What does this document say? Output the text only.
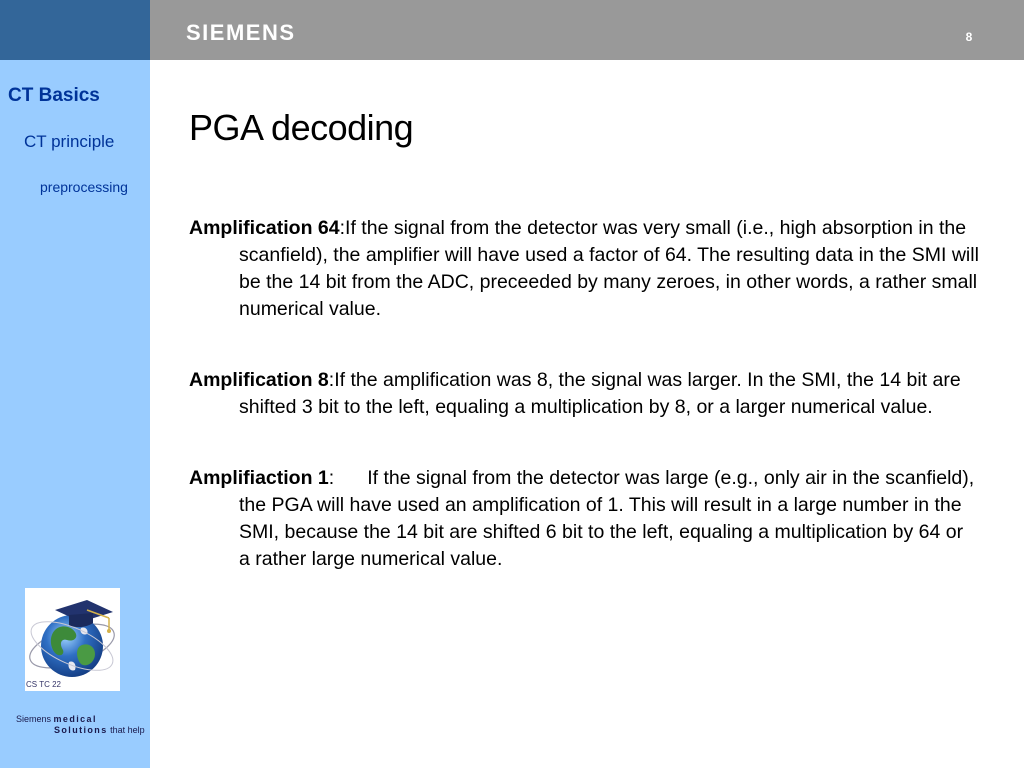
SIEMENS	8
CT Basics
CT principle
preprocessing
CS TC 22
Siemens medical
Solutions that help
PGA decoding

Amplification 64:If the signal from the detector was very small (i.e., high absorption in the scanfield), the amplifier will have used a factor of 64. The resulting data in the SMI will be the 14 bit from the ADC, preceeded by many zeroes, in other words, a rather small numerical value.

Amplification 8:If the amplification was 8, the signal was larger. In the SMI, the 14 bit are shifted 3 bit to the left, equaling a multiplication by 8, or a larger numerical value.

Amplifiaction 1: If the signal from the detector was large (e.g., only air in the scanfield), the PGA will have used an amplification of 1. This will result in a large number in the SMI, because the 14 bit are shifted 6 bit to the left, equaling a multiplication by 64 or a rather large numerical value.
